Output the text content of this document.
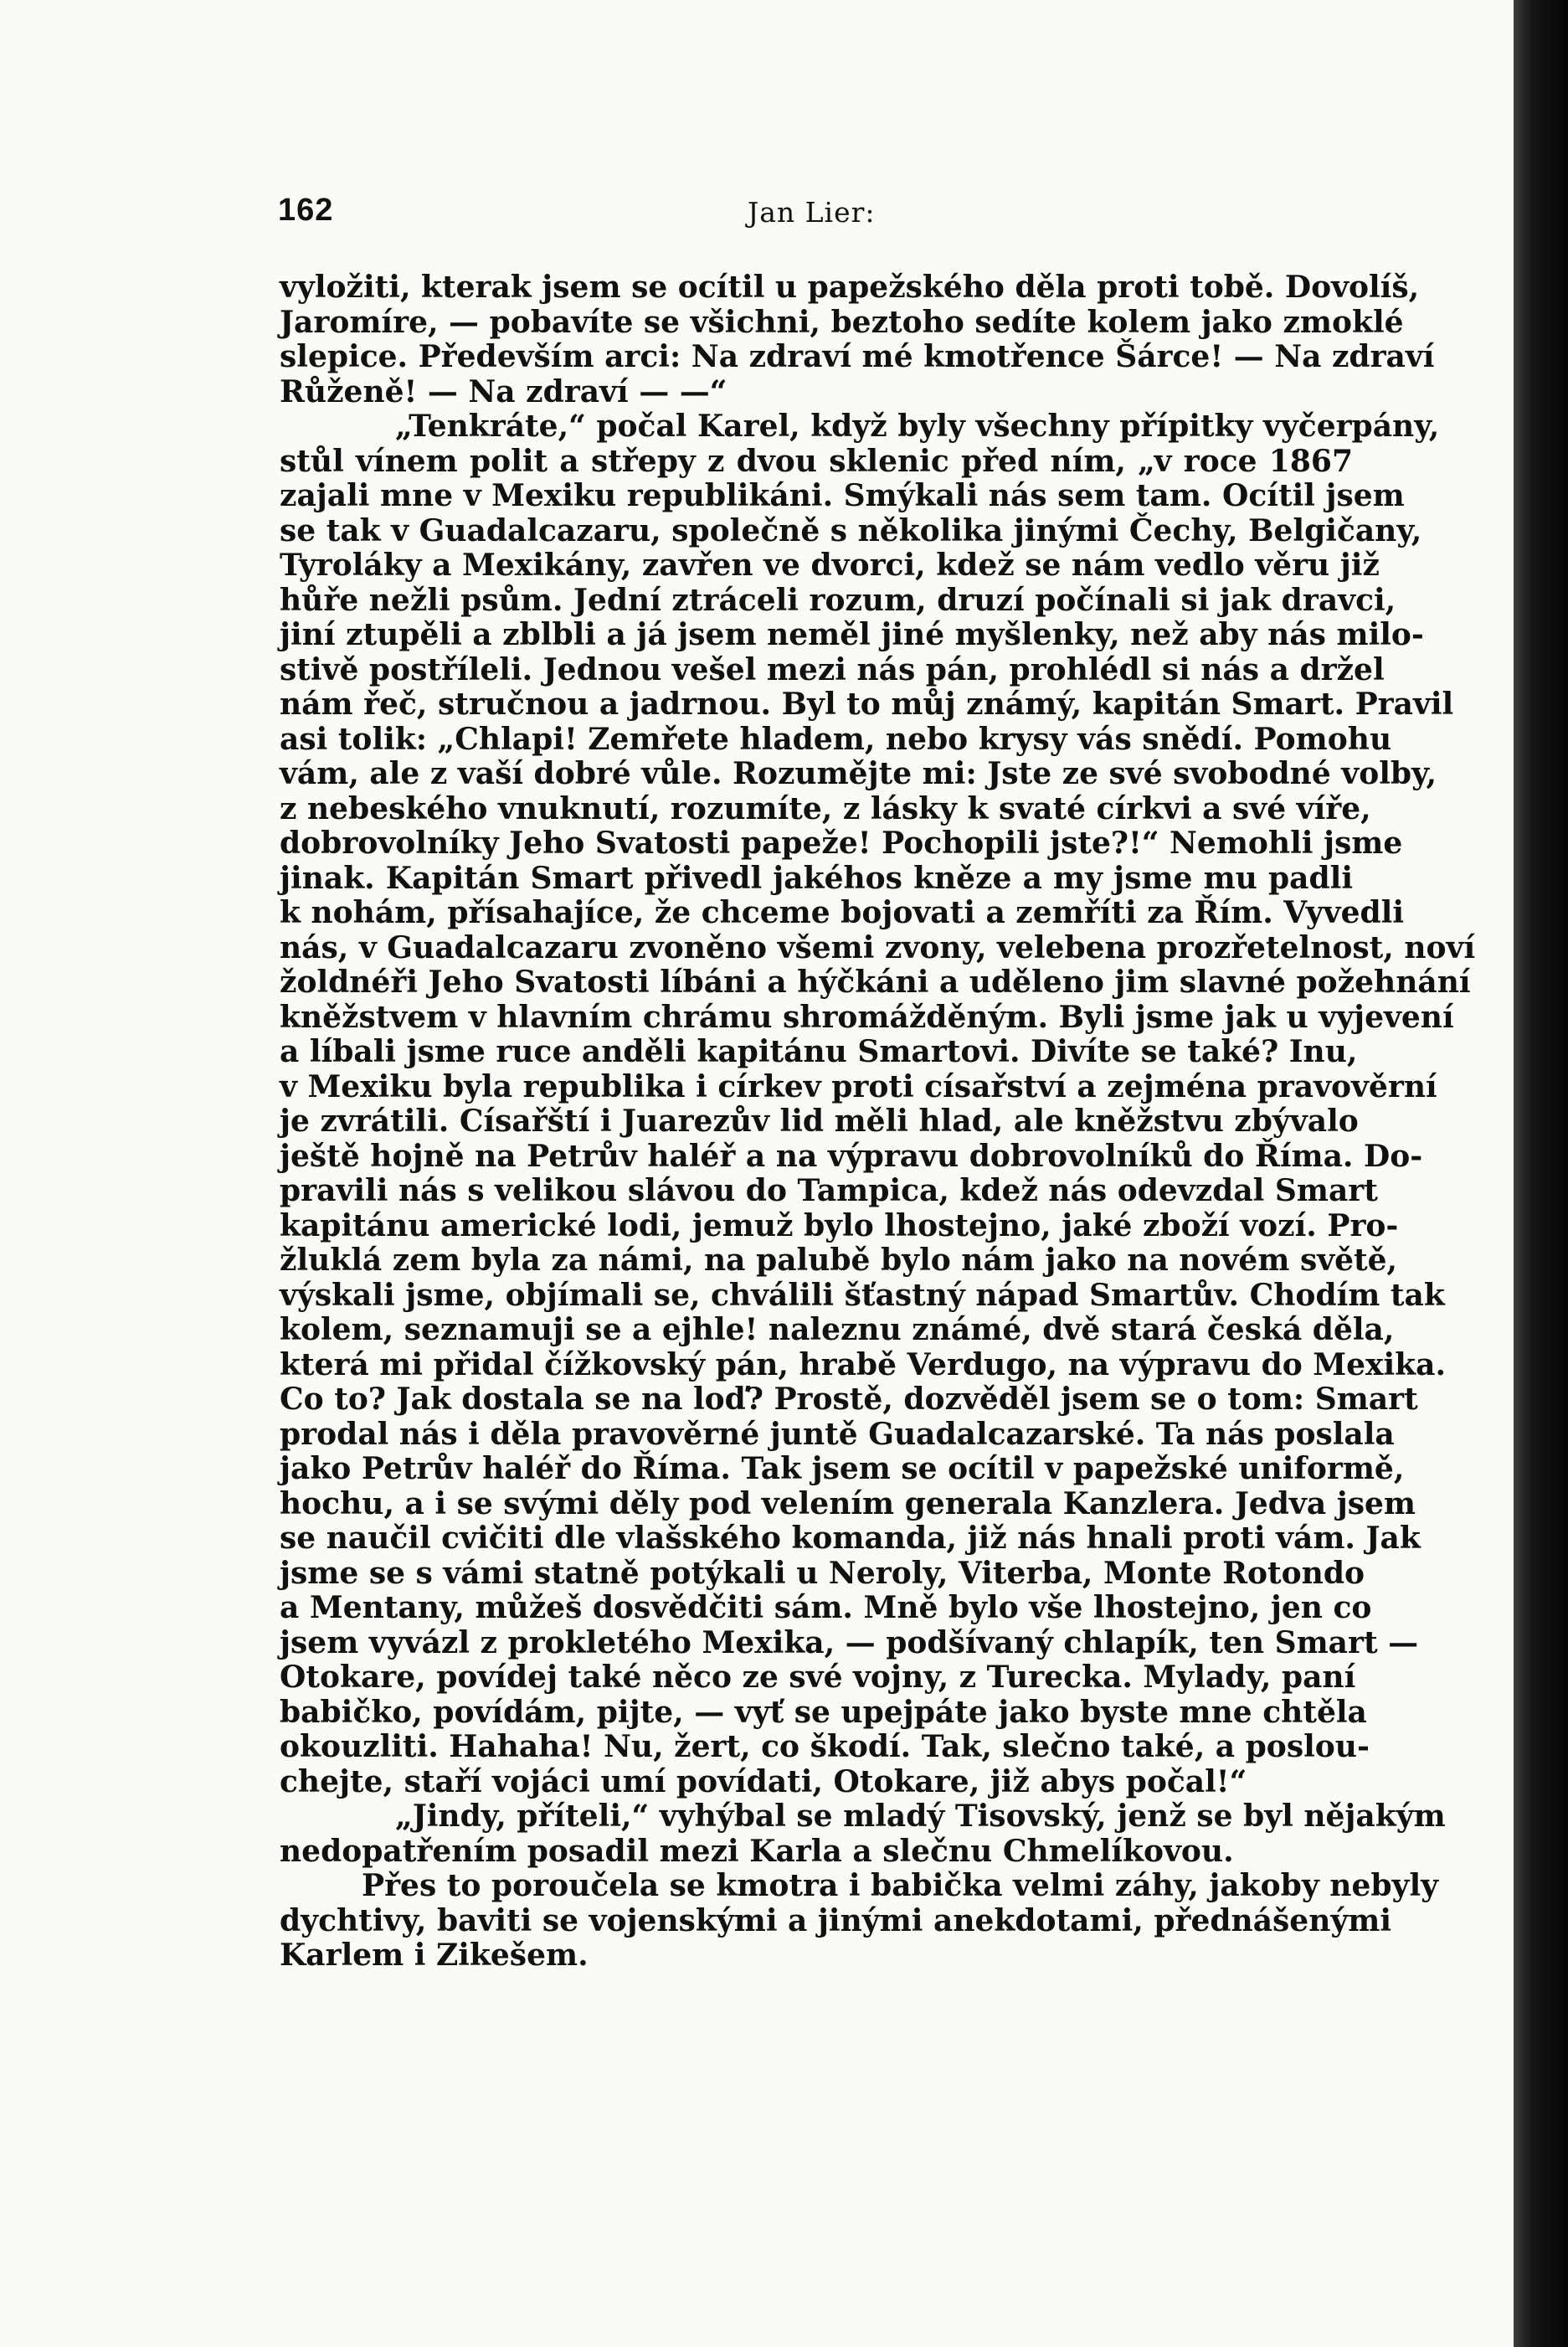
162	Jan Lier:
vyložiti, kterak jsem se ocítil u papežského děla proti tobě. Dovolíš,
Jaromíre, — pobavíte se všichni, beztoho sedíte kolem jako zmoklé
slepice. Především arci: Na zdraví mé kmotřence Šárce! — Na zdraví
Růženě! — Na zdraví — —“
„Tenkráte,“ počal Karel, když byly všechny přípitky vyčerpány,
stůl vínem polit a střepy z dvou sklenic před ním, „v roce 1867
zajali mne v Mexiku republikáni. Smýkali nás sem tam. Ocítil jsem
se tak v Guadalcazaru, společně s několika jinými Čechy, Belgičany,
Tyroláky a Mexikány, zavřen ve dvorci, kdež se nám vedlo věru již
hůře nežli psům. Jední ztráceli rozum, druzí počínali si jak dravci,
jiní ztupěli a zblbli a já jsem neměl jiné myšlenky, než aby nás milo-
stivě postříleli. Jednou vešel mezi nás pán, prohlédl si nás a držel
nám řeč, stručnou a jadrnou. Byl to můj známý, kapitán Smart. Pravil
asi tolik: „Chlapi! Zemřete hladem, nebo krysy vás snědí. Pomohu
vám, ale z vaší dobré vůle. Rozumějte mi: Jste ze své svobodné volby,
z nebeského vnuknutí, rozumíte, z lásky k svaté církvi a své víře,
dobrovolníky Jeho Svatosti papeže! Pochopili jste?!“ Nemohli jsme
jinak. Kapitán Smart přivedl jakéhos kněze a my jsme mu padli
k nohám, přísahajíce, že chceme bojovati a zemříti za Řím. Vyvedli
nás, v Guadalcazaru zvoněno všemi zvony, velebena prozřetelnost, noví
žoldnéři Jeho Svatosti líbáni a hýčkáni a uděleno jim slavné požehnání
kněžstvem v hlavním chrámu shromážděným. Byli jsme jak u vyjevení
a líbali jsme ruce anděli kapitánu Smartovi. Divíte se také? Inu,
v Mexiku byla republika i církev proti císařství a zejména pravověrní
je zvrátili. Císařští i Juarezův lid měli hlad, ale kněžstvu zbývalo
ještě hojně na Petrův haléř a na výpravu dobrovolníků do Říma. Do-
pravili nás s velikou slávou do Tampica, kdež nás odevzdal Smart
kapitánu americké lodi, jemuž bylo lhostejno, jaké zboží vozí. Pro-
žluklá zem byla za námi, na palubě bylo nám jako na novém světě,
výskali jsme, objímali se, chválili šťastný nápad Smartův. Chodím tak
kolem, seznamuji se a ejhle! naleznu známé, dvě stará česká děla,
která mi přidal čížkovský pán, hrabě Verdugo, na výpravu do Mexika.
Co to? Jak dostala se na loď? Prostě, dozvěděl jsem se o tom: Smart
prodal nás i děla pravověrné juntě Guadalcazarské. Ta nás poslala
jako Petrův haléř do Říma. Tak jsem se ocítil v papežské uniformě,
hochu, a i se svými děly pod velením generala Kanzlera. Jedva jsem
se naučil cvičiti dle vlašského komanda, již nás hnali proti vám. Jak
jsme se s vámi statně potýkali u Neroly, Viterba, Monte Rotondo
a Mentany, můžeš dosvědčiti sám. Mně bylo vše lhostejno, jen co
jsem vyvázl z prokletého Mexika, — podšívaný chlapík, ten Smart —
Otokare, povídej také něco ze své vojny, z Turecka. Mylady, paní
babičko, povídám, pijte, — vyť se upejpáte jako byste mne chtěla
okouzliti. Hahaha! Nu, žert, co škodí. Tak, slečno také, a poslou-
chejte, staří vojáci umí povídati, Otokare, již abys počal!“
„Jindy, příteli,“ vyhýbal se mladý Tisovský, jenž se byl nějakým
nedopatřením posadil mezi Karla a slečnu Chmelíkovou.
Přes to poroučela se kmotra i babička velmi záhy, jakoby nebyly
dychtivy, baviti se vojenskými a jinými anekdotami, přednášenými
Karlem i Zikešem.
